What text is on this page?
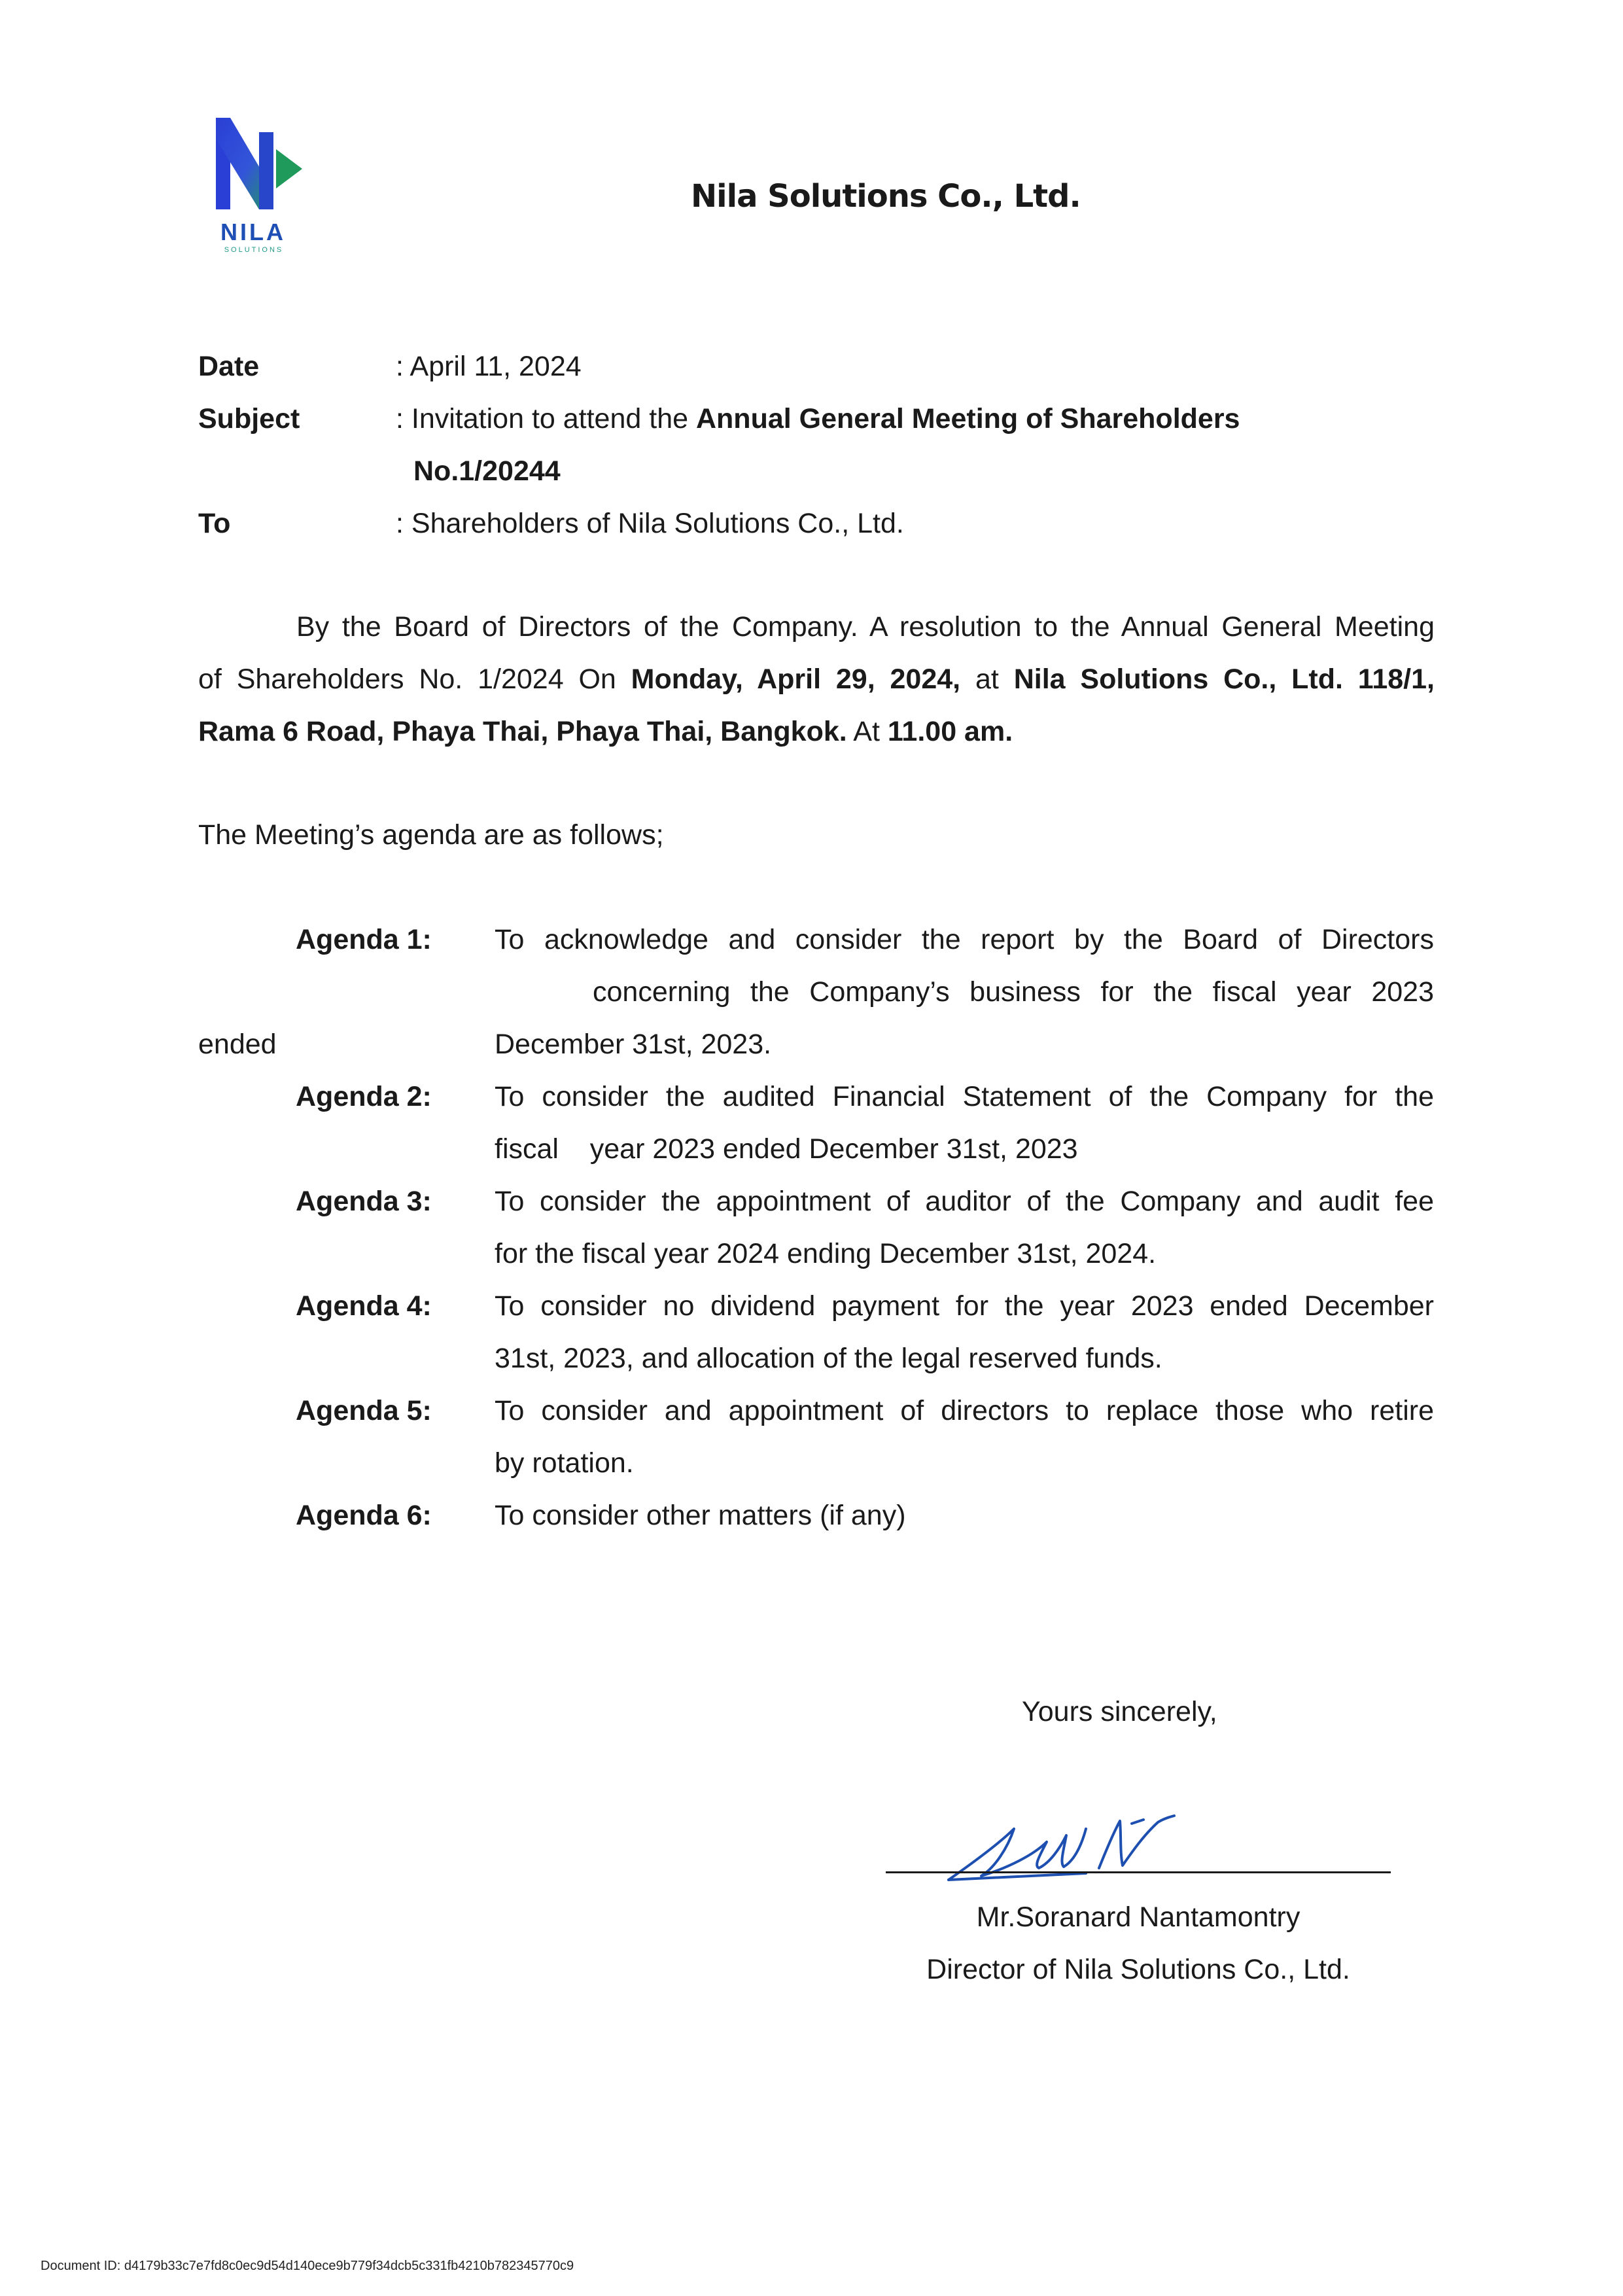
NILA
SOLUTIONS
Nila Solutions Co., Ltd.
Date	: April 11, 2024
Subject	: Invitation to attend the Annual General Meeting of Shareholders
No.1/20244
To	: Shareholders of Nila Solutions Co., Ltd.
By the Board of Directors of the Company. A resolution to the Annual General Meeting
of Shareholders No. 1/2024 On Monday, April 29, 2024, at Nila Solutions Co., Ltd. 118/1,
Rama 6 Road, Phaya Thai, Phaya Thai, Bangkok. At 11.00 am.
The Meeting’s agenda are as follows;
Agenda 1: To acknowledge and consider the report by the Board of Directors
concerning the Company’s business for the fiscal year 2023
ended	December 31st, 2023.
Agenda 2: To consider the audited Financial Statement of the Company for the
fiscal    year 2023 ended December 31st, 2023
Agenda 3: To consider the appointment of auditor of the Company and audit fee
for the fiscal year 2024 ending December 31st, 2024.
Agenda 4: To consider no dividend payment for the year 2023 ended December
31st, 2023, and allocation of the legal reserved funds.
Agenda 5: To consider and appointment of directors to replace those who retire
by rotation.
Agenda 6: To consider other matters (if any)
Yours sincerely,
Mr.Soranard Nantamontry
Director of Nila Solutions Co., Ltd.
Document ID: d4179b33c7e7fd8c0ec9d54d140ece9b779f34dcb5c331fb4210b782345770c9
